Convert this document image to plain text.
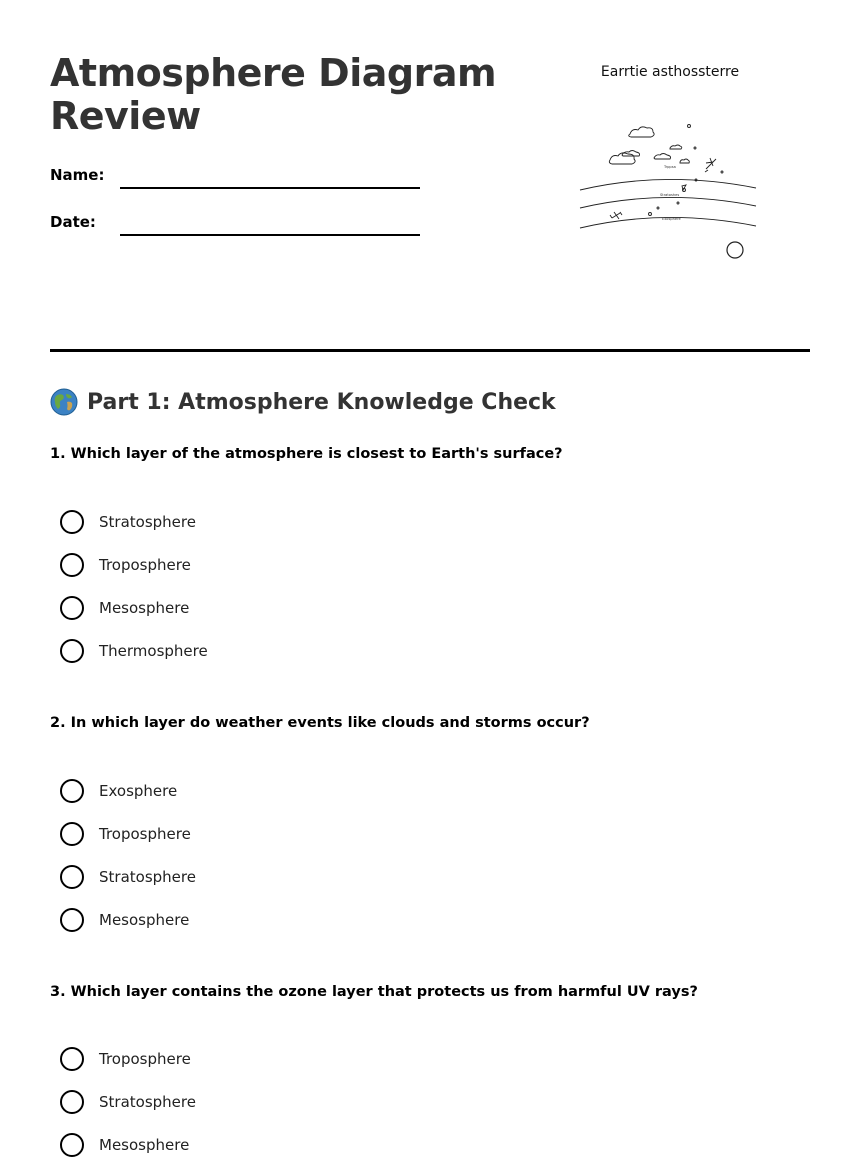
Atmosphere Diagram Review
Name:
Date:
Earrtie asthossterre
Trppsa
Stratoshes
Exosphere
Part 1: Atmosphere Knowledge Check
1. Which layer of the atmosphere is closest to Earth's surface?
Stratosphere
Troposphere
Mesosphere
Thermosphere
2. In which layer do weather events like clouds and storms occur?
Exosphere
Troposphere
Stratosphere
Mesosphere
3. Which layer contains the ozone layer that protects us from harmful UV rays?
Troposphere
Stratosphere
Mesosphere
